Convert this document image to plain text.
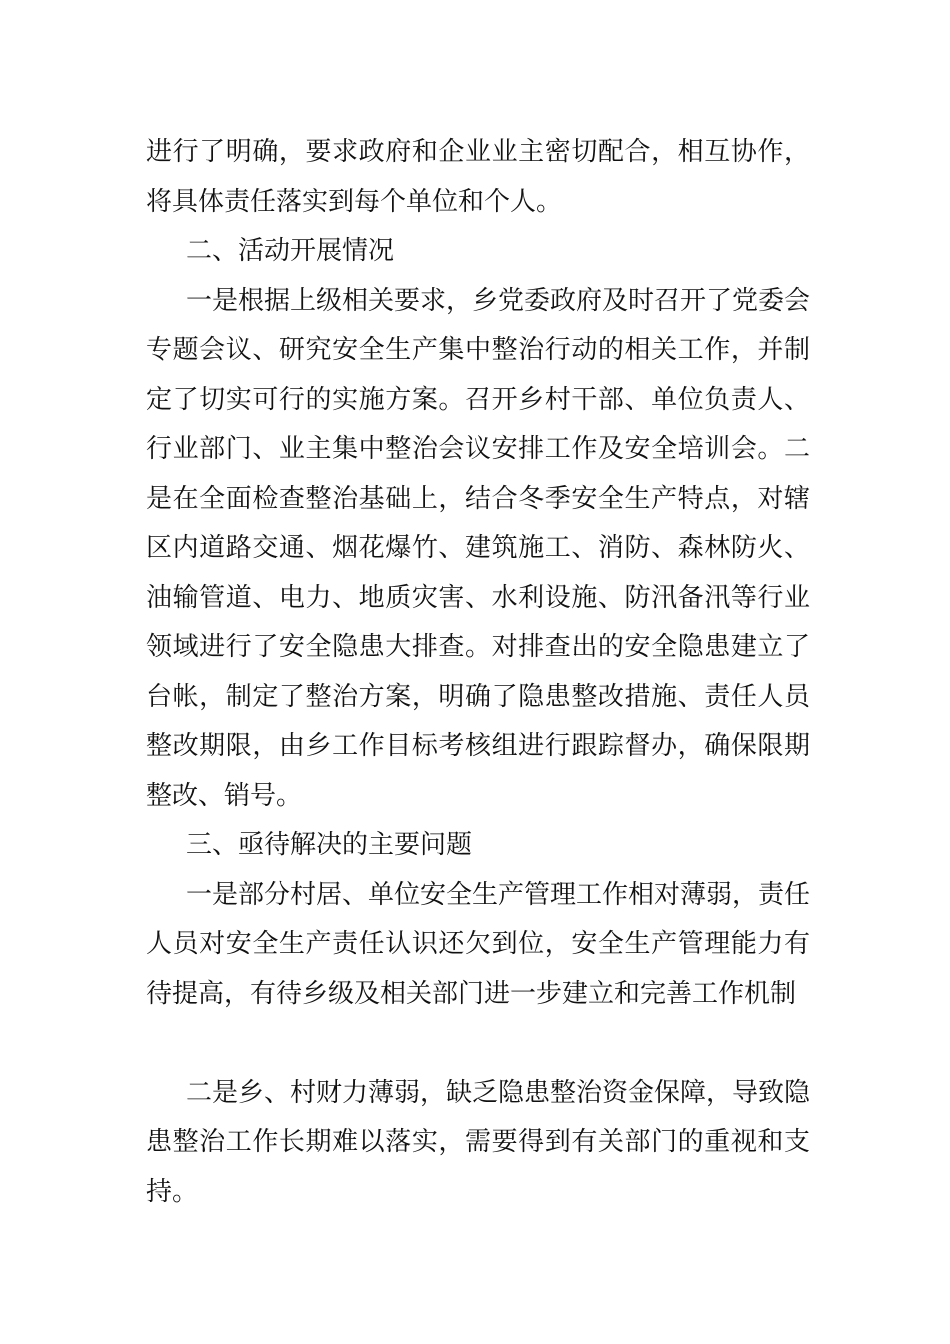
进行了明确，要求政府和企业业主密切配合，相互协作，将具体责任落实到每个单位和个人。

二、活动开展情况

一是根据上级相关要求，乡党委政府及时召开了党委会专题会议、研究安全生产集中整治行动的相关工作，并制定了切实可行的实施方案。召开乡村干部、单位负责人、行业部门、业主集中整治会议安排工作及安全培训会。二是在全面检查整治基础上，结合冬季安全生产特点，对辖区内道路交通、烟花爆竹、建筑施工、消防、森林防火、油输管道、电力、地质灾害、水利设施、防汛备汛等行业领域进行了安全隐患大排查。对排查出的安全隐患建立了台帐，制定了整治方案，明确了隐患整改措施、责任人员整改期限，由乡工作目标考核组进行跟踪督办，确保限期整改、销号。

三、亟待解决的主要问题

一是部分村居、单位安全生产管理工作相对薄弱，责任人员对安全生产责任认识还欠到位，安全生产管理能力有待提高，有待乡级及相关部门进一步建立和完善工作机制

二是乡、村财力薄弱，缺乏隐患整治资金保障，导致隐患整治工作长期难以落实，需要得到有关部门的重视和支持。
